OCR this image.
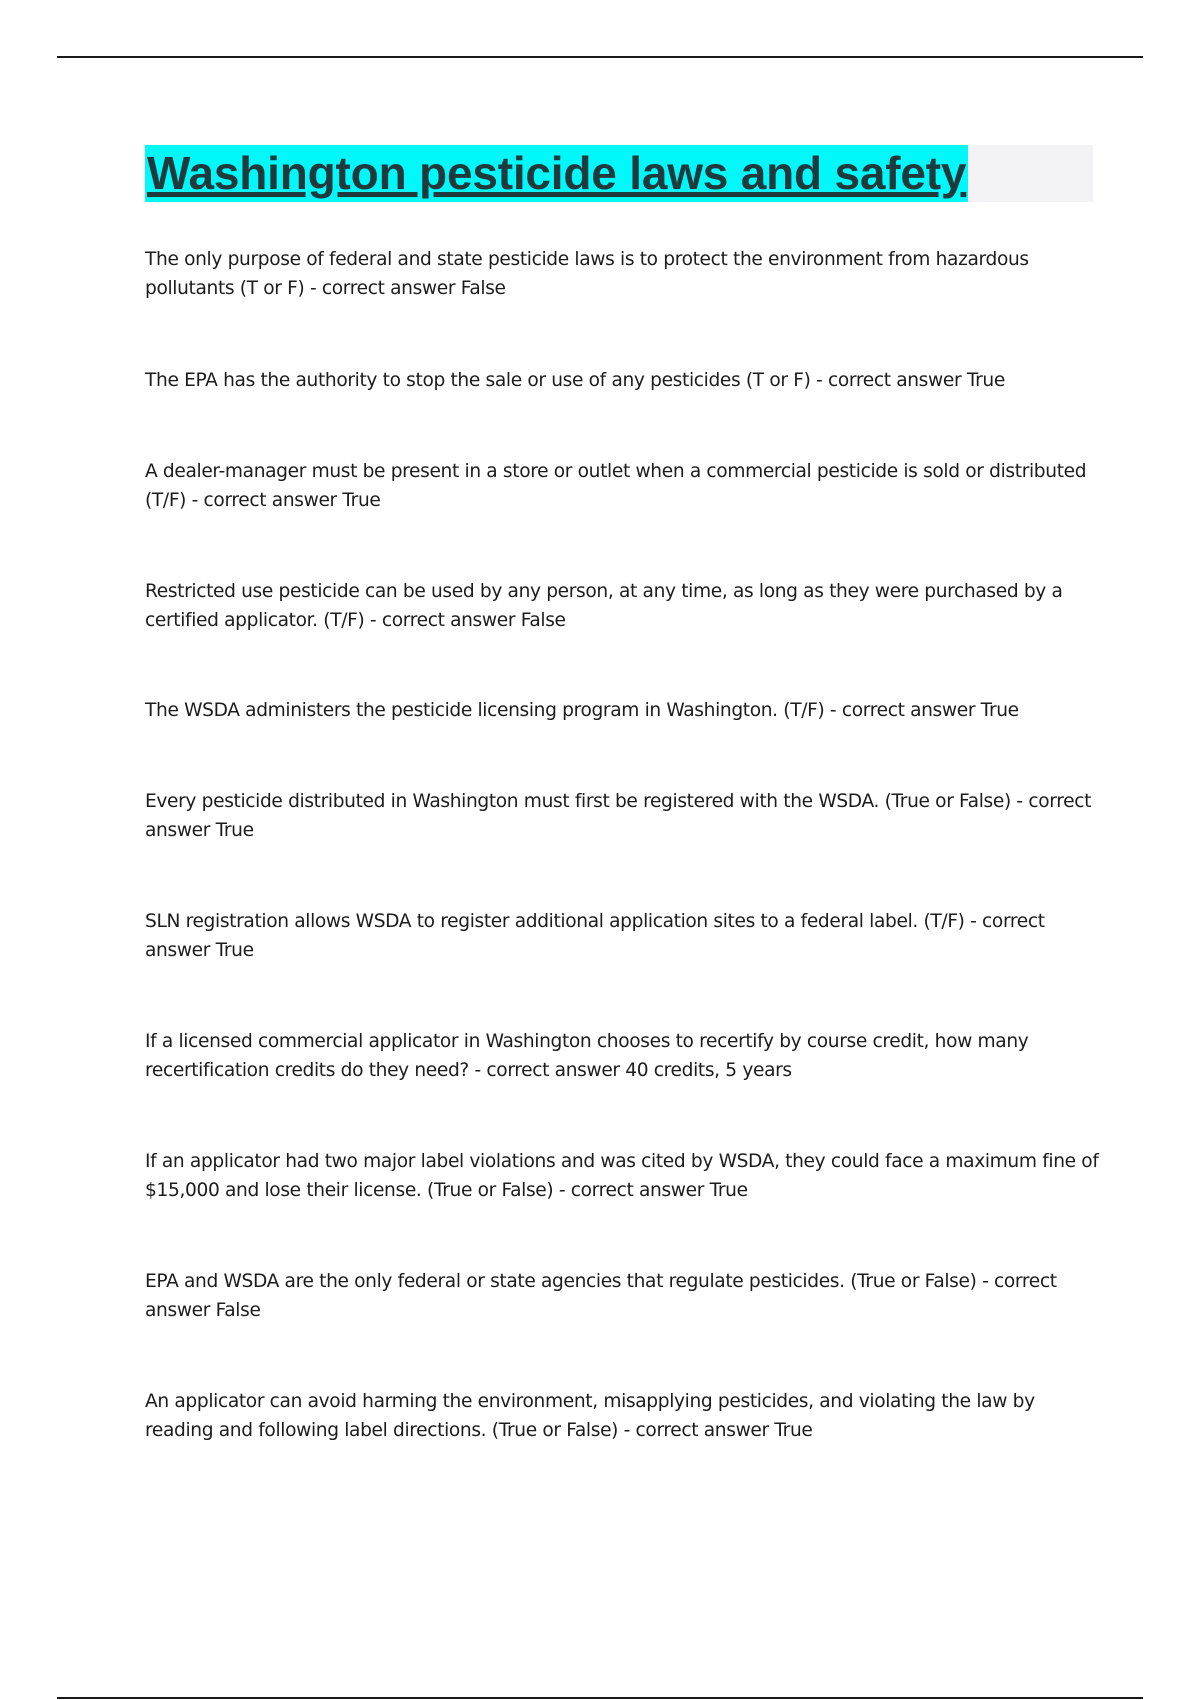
Washington pesticide laws and safety

The only purpose of federal and state pesticide laws is to protect the environment from hazardous pollutants (T or F) - correct answer False

The EPA has the authority to stop the sale or use of any pesticides (T or F) - correct answer True

A dealer-manager must be present in a store or outlet when a commercial pesticide is sold or distributed (T/F) - correct answer True

Restricted use pesticide can be used by any person, at any time, as long as they were purchased by a certified applicator. (T/F) - correct answer False

The WSDA administers the pesticide licensing program in Washington. (T/F) - correct answer True

Every pesticide distributed in Washington must first be registered with the WSDA. (True or False) - correct answer True

SLN registration allows WSDA to register additional application sites to a federal label. (T/F) - correct answer True

If a licensed commercial applicator in Washington chooses to recertify by course credit, how many recertification credits do they need? - correct answer 40 credits, 5 years

If an applicator had two major label violations and was cited by WSDA, they could face a maximum fine of $15,000 and lose their license. (True or False) - correct answer True

EPA and WSDA are the only federal or state agencies that regulate pesticides. (True or False) - correct answer False

An applicator can avoid harming the environment, misapplying pesticides, and violating the law by reading and following label directions. (True or False) - correct answer True
